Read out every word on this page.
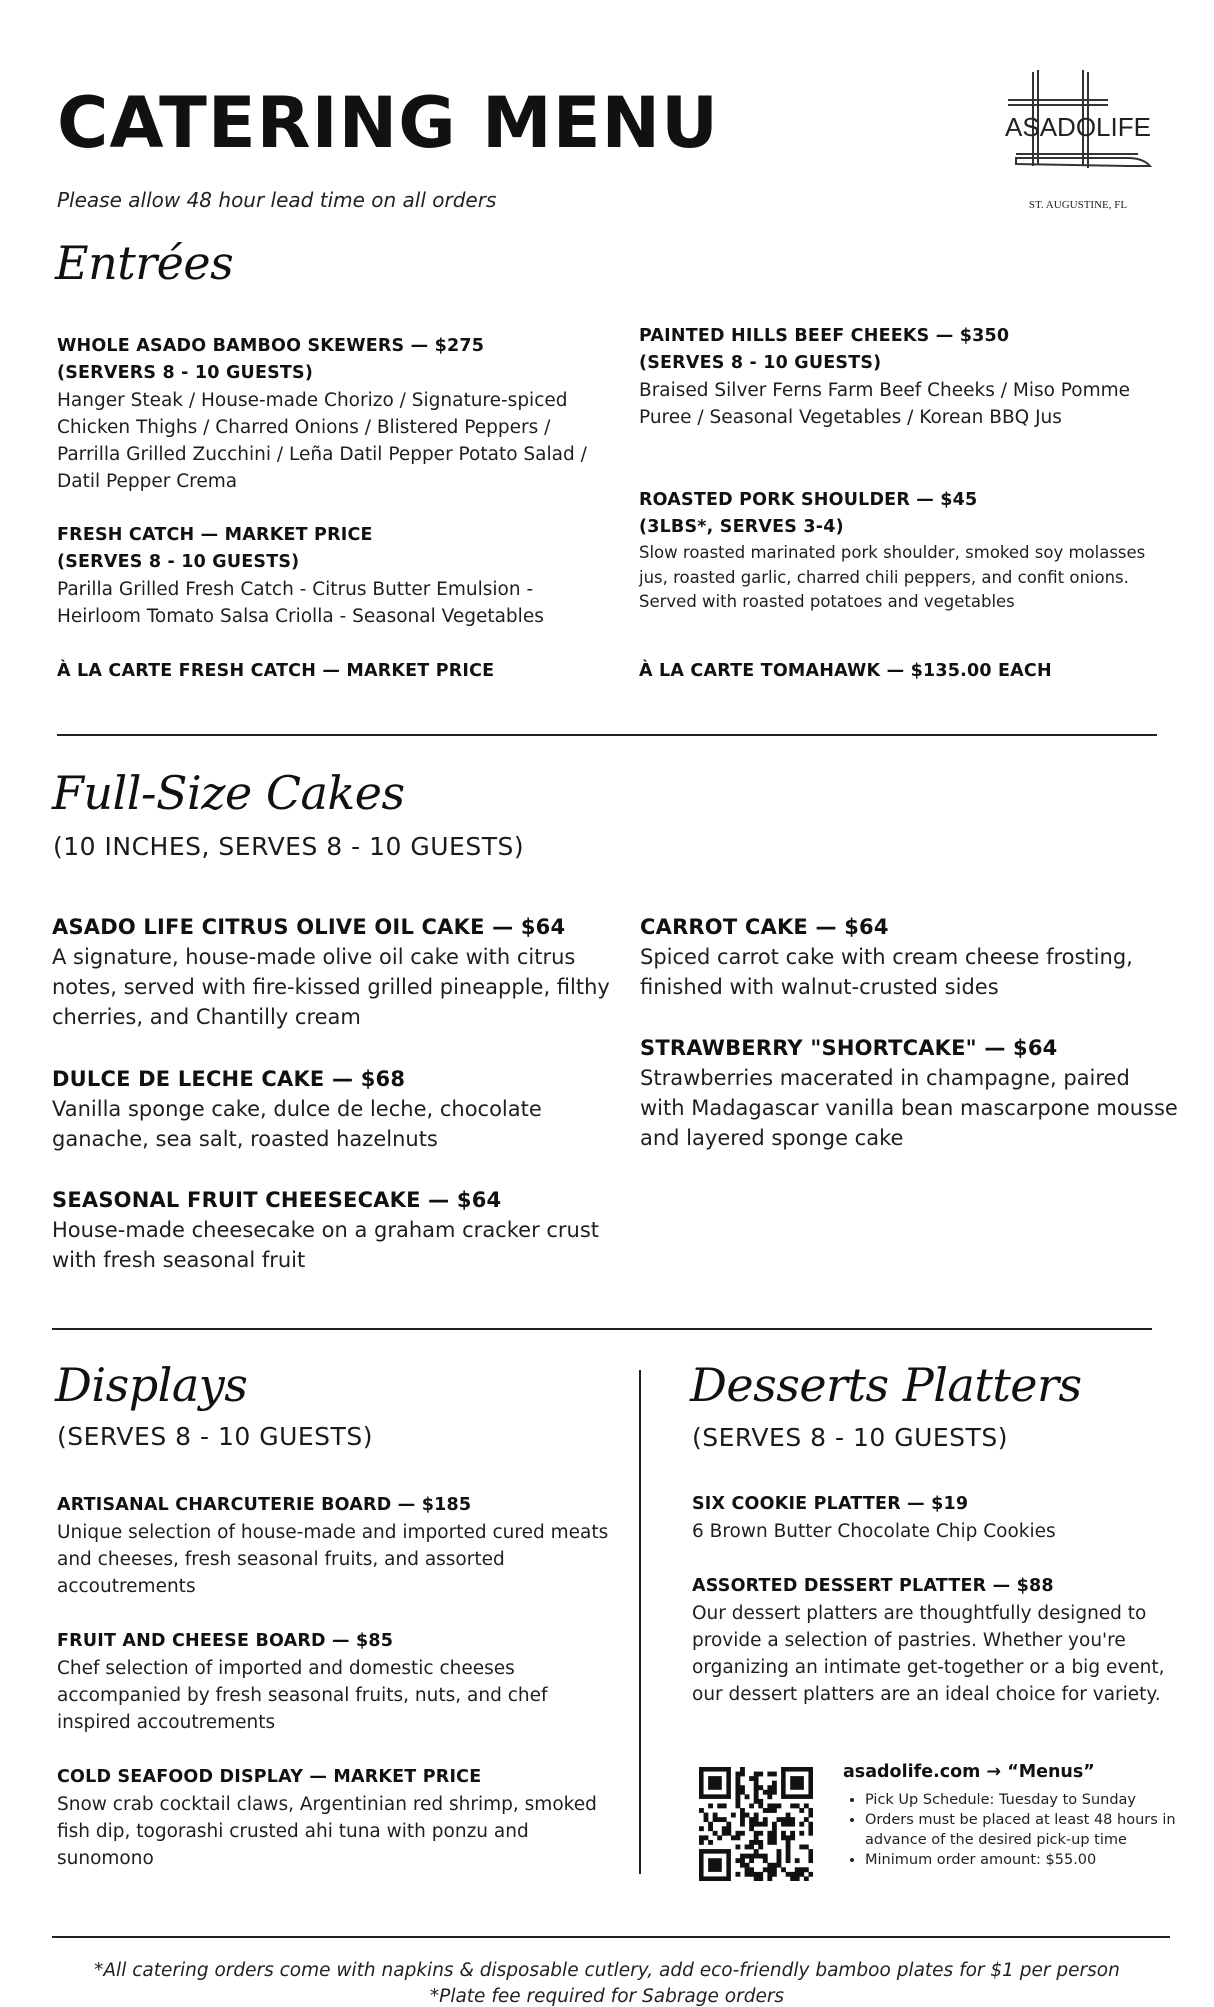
CATERING MENU

Please allow 48 hour lead time on all orders

ASADOLIFE
ST. AUGUSTINE, FL
Entrées

WHOLE ASADO BAMBOO SKEWERS — $275

(SERVERS 8 - 10 GUESTS)

Hanger Steak / House-made Chorizo / Signature-spiced Chicken Thighs / Charred Onions / Blistered Peppers / Parrilla Grilled Zucchini / Leña Datil Pepper Potato Salad / Datil Pepper Crema

FRESH CATCH — MARKET PRICE

(SERVES 8 - 10 GUESTS)

Parilla Grilled Fresh Catch - Citrus Butter Emulsion - Heirloom Tomato Salsa Criolla - Seasonal Vegetables

À LA CARTE FRESH CATCH — MARKET PRICE

PAINTED HILLS BEEF CHEEKS — $350

(SERVES 8 - 10 GUESTS)

Braised Silver Ferns Farm Beef Cheeks / Miso Pomme Puree / Seasonal Vegetables / Korean BBQ Jus

ROASTED PORK SHOULDER — $45

(3LBS*, SERVES 3-4)

Slow roasted marinated pork shoulder, smoked soy molasses jus, roasted garlic, charred chili peppers, and confit onions. Served with roasted potatoes and vegetables

À LA CARTE TOMAHAWK — $135.00 EACH

Full-Size Cakes

(10 INCHES, SERVES 8 - 10 GUESTS)

ASADO LIFE CITRUS OLIVE OIL CAKE — $64

A signature, house-made olive oil cake with citrus notes, served with fire-kissed grilled pineapple, filthy cherries, and Chantilly cream

DULCE DE LECHE CAKE — $68

Vanilla sponge cake, dulce de leche, chocolate ganache, sea salt, roasted hazelnuts

SEASONAL FRUIT CHEESECAKE — $64

House-made cheesecake on a graham cracker crust with fresh seasonal fruit

CARROT CAKE — $64

Spiced carrot cake with cream cheese frosting, finished with walnut-crusted sides

STRAWBERRY "SHORTCAKE" — $64

Strawberries macerated in champagne, paired with Madagascar vanilla bean mascarpone mousse and layered sponge cake

Displays

(SERVES 8 - 10 GUESTS)

ARTISANAL CHARCUTERIE BOARD — $185

Unique selection of house-made and imported cured meats and cheeses, fresh seasonal fruits, and assorted accoutrements

FRUIT AND CHEESE BOARD — $85

Chef selection of imported and domestic cheeses accompanied by fresh seasonal fruits, nuts, and chef inspired accoutrements

COLD SEAFOOD DISPLAY — MARKET PRICE

Snow crab cocktail claws, Argentinian red shrimp, smoked fish dip, togorashi crusted ahi tuna with ponzu and sunomono

Desserts Platters

(SERVES 8 - 10 GUESTS)

SIX COOKIE PLATTER — $19

6 Brown Butter Chocolate Chip Cookies

ASSORTED DESSERT PLATTER — $88

Our dessert platters are thoughtfully designed to provide a selection of pastries. Whether you're organizing an intimate get-together or a big event, our dessert platters are an ideal choice for variety.

asadolife.com → “Menus”

• Pick Up Schedule: Tuesday to Sunday
• Orders must be placed at least 48 hours in advance of the desired pick-up time
• Minimum order amount: $55.00

*All catering orders come with napkins & disposable cutlery, add eco-friendly bamboo plates for $1 per person

*Plate fee required for Sabrage orders
